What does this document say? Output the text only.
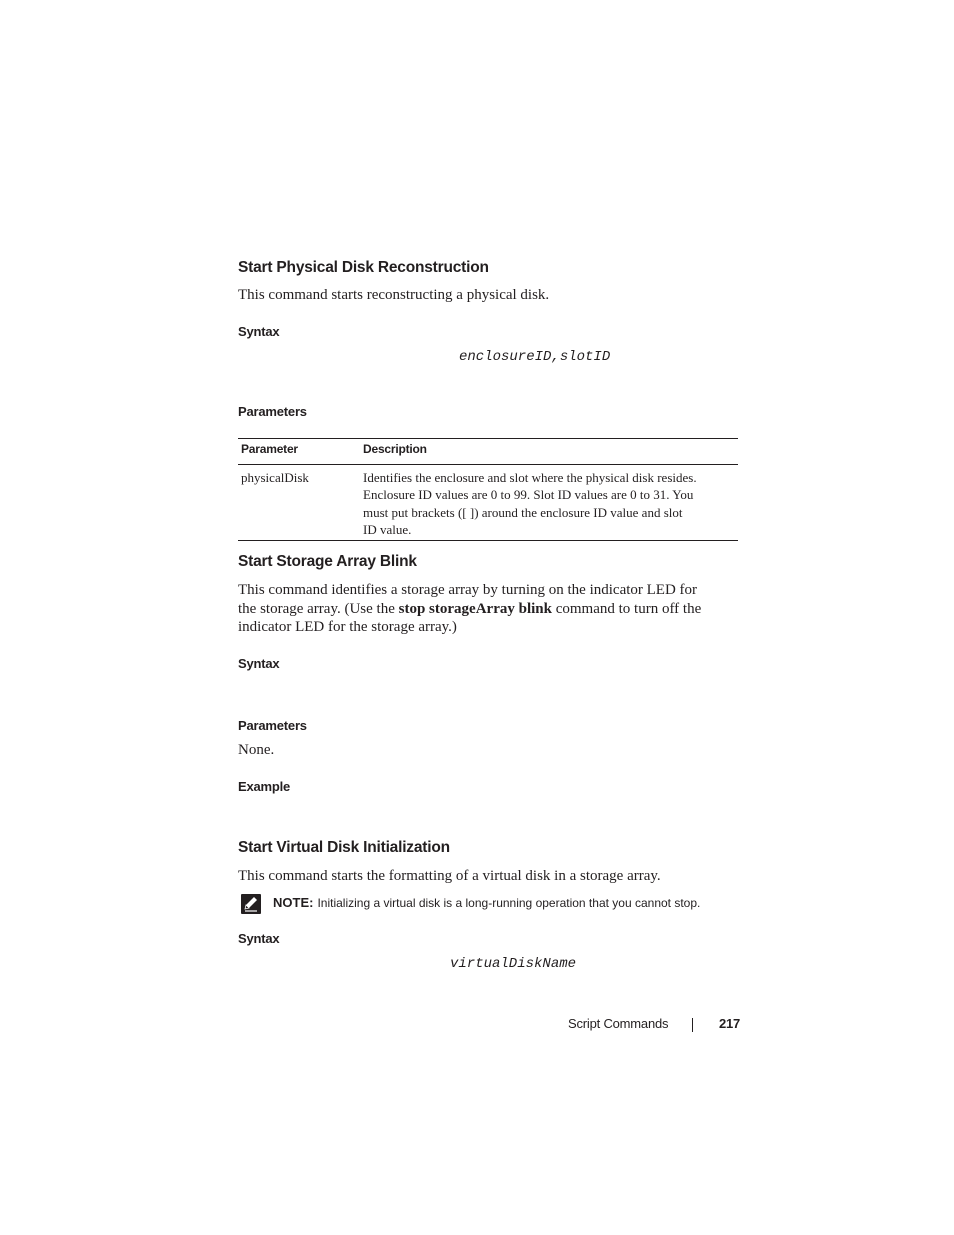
Start Physical Disk Reconstruction
This command starts reconstructing a physical disk.
Syntax
enclosureID,slotID
Parameters
Parameter	Description
physicalDisk	Identifies the enclosure and slot where the physical disk resides.
Enclosure ID values are 0 to 99. Slot ID values are 0 to 31. You
must put brackets ([ ]) around the enclosure ID value and slot
ID value.
Start Storage Array Blink
This command identifies a storage array by turning on the indicator LED for
the storage array. (Use the stop storageArray blink command to turn off the
indicator LED for the storage array.)
Syntax
Parameters
None.
Example
Start Virtual Disk Initialization
This command starts the formatting of a virtual disk in a storage array.
NOTE: Initializing a virtual disk is a long-running operation that you cannot stop.
Syntax
virtualDiskName
Script Commands	217
